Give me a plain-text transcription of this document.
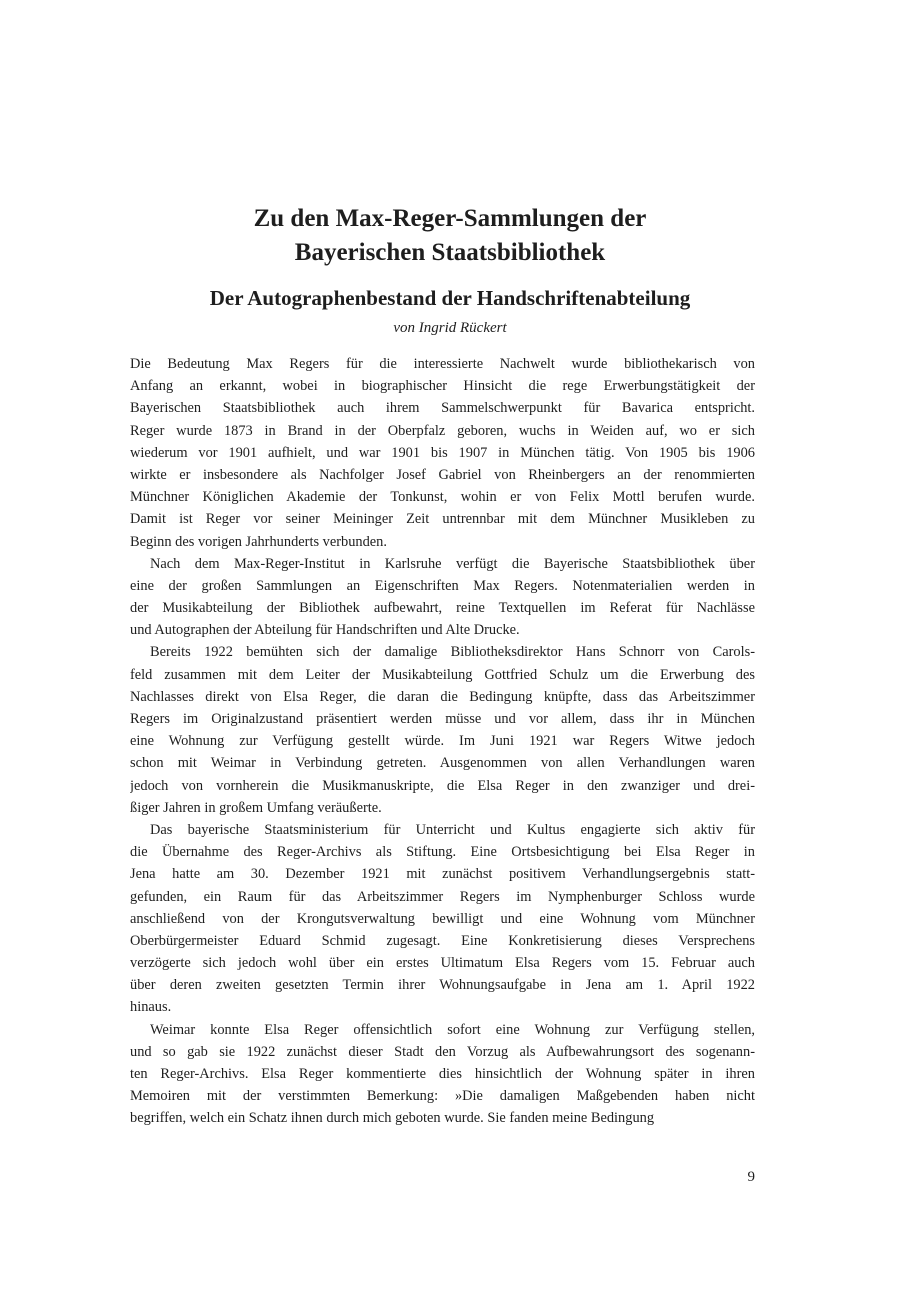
Zu den Max-Reger-Sammlungen der
Bayerischen Staatsbibliothek
Der Autographenbestand der Handschriftenabteilung

von Ingrid Rückert

Die Bedeutung Max Regers für die interessierte Nachwelt wurde bibliothekarisch von
Anfang an erkannt, wobei in biographischer Hinsicht die rege Erwerbungstätigkeit der
Bayerischen Staatsbibliothek auch ihrem Sammelschwerpunkt für Bavarica entspricht.
Reger wurde 1873 in Brand in der Oberpfalz geboren, wuchs in Weiden auf, wo er sich
wiederum vor 1901 aufhielt, und war 1901 bis 1907 in München tätig. Von 1905 bis 1906
wirkte er insbesondere als Nachfolger Josef Gabriel von Rheinbergers an der renommierten
Münchner Königlichen Akademie der Tonkunst, wohin er von Felix Mottl berufen wurde.
Damit ist Reger vor seiner Meininger Zeit untrennbar mit dem Münchner Musikleben zu
Beginn des vorigen Jahrhunderts verbunden.
Nach dem Max-Reger-Institut in Karlsruhe verfügt die Bayerische Staatsbibliothek über
eine der großen Sammlungen an Eigenschriften Max Regers. Notenmaterialien werden in
der Musikabteilung der Bibliothek aufbewahrt, reine Textquellen im Referat für Nachlässe
und Autographen der Abteilung für Handschriften und Alte Drucke.
Bereits 1922 bemühten sich der damalige Bibliotheksdirektor Hans Schnorr von Carols-
feld zusammen mit dem Leiter der Musikabteilung Gottfried Schulz um die Erwerbung des
Nachlasses direkt von Elsa Reger, die daran die Bedingung knüpfte, dass das Arbeitszimmer
Regers im Originalzustand präsentiert werden müsse und vor allem, dass ihr in München
eine Wohnung zur Verfügung gestellt würde. Im Juni 1921 war Regers Witwe jedoch
schon mit Weimar in Verbindung getreten. Ausgenommen von allen Verhandlungen waren
jedoch von vornherein die Musikmanuskripte, die Elsa Reger in den zwanziger und drei-
ßiger Jahren in großem Umfang veräußerte.
Das bayerische Staatsministerium für Unterricht und Kultus engagierte sich aktiv für
die Übernahme des Reger-Archivs als Stiftung. Eine Ortsbesichtigung bei Elsa Reger in
Jena hatte am 30. Dezember 1921 mit zunächst positivem Verhandlungsergebnis statt-
gefunden, ein Raum für das Arbeitszimmer Regers im Nymphenburger Schloss wurde
anschließend von der Krongutsverwaltung bewilligt und eine Wohnung vom Münchner
Oberbürgermeister Eduard Schmid zugesagt. Eine Konkretisierung dieses Versprechens
verzögerte sich jedoch wohl über ein erstes Ultimatum Elsa Regers vom 15. Februar auch
über deren zweiten gesetzten Termin ihrer Wohnungsaufgabe in Jena am 1. April 1922
hinaus.
Weimar konnte Elsa Reger offensichtlich sofort eine Wohnung zur Verfügung stellen,
und so gab sie 1922 zunächst dieser Stadt den Vorzug als Aufbewahrungsort des sogenann-
ten Reger-Archivs. Elsa Reger kommentierte dies hinsichtlich der Wohnung später in ihren
Memoiren mit der verstimmten Bemerkung: »Die damaligen Maßgebenden haben nicht
begriffen, welch ein Schatz ihnen durch mich geboten wurde. Sie fanden meine Bedingung
9
